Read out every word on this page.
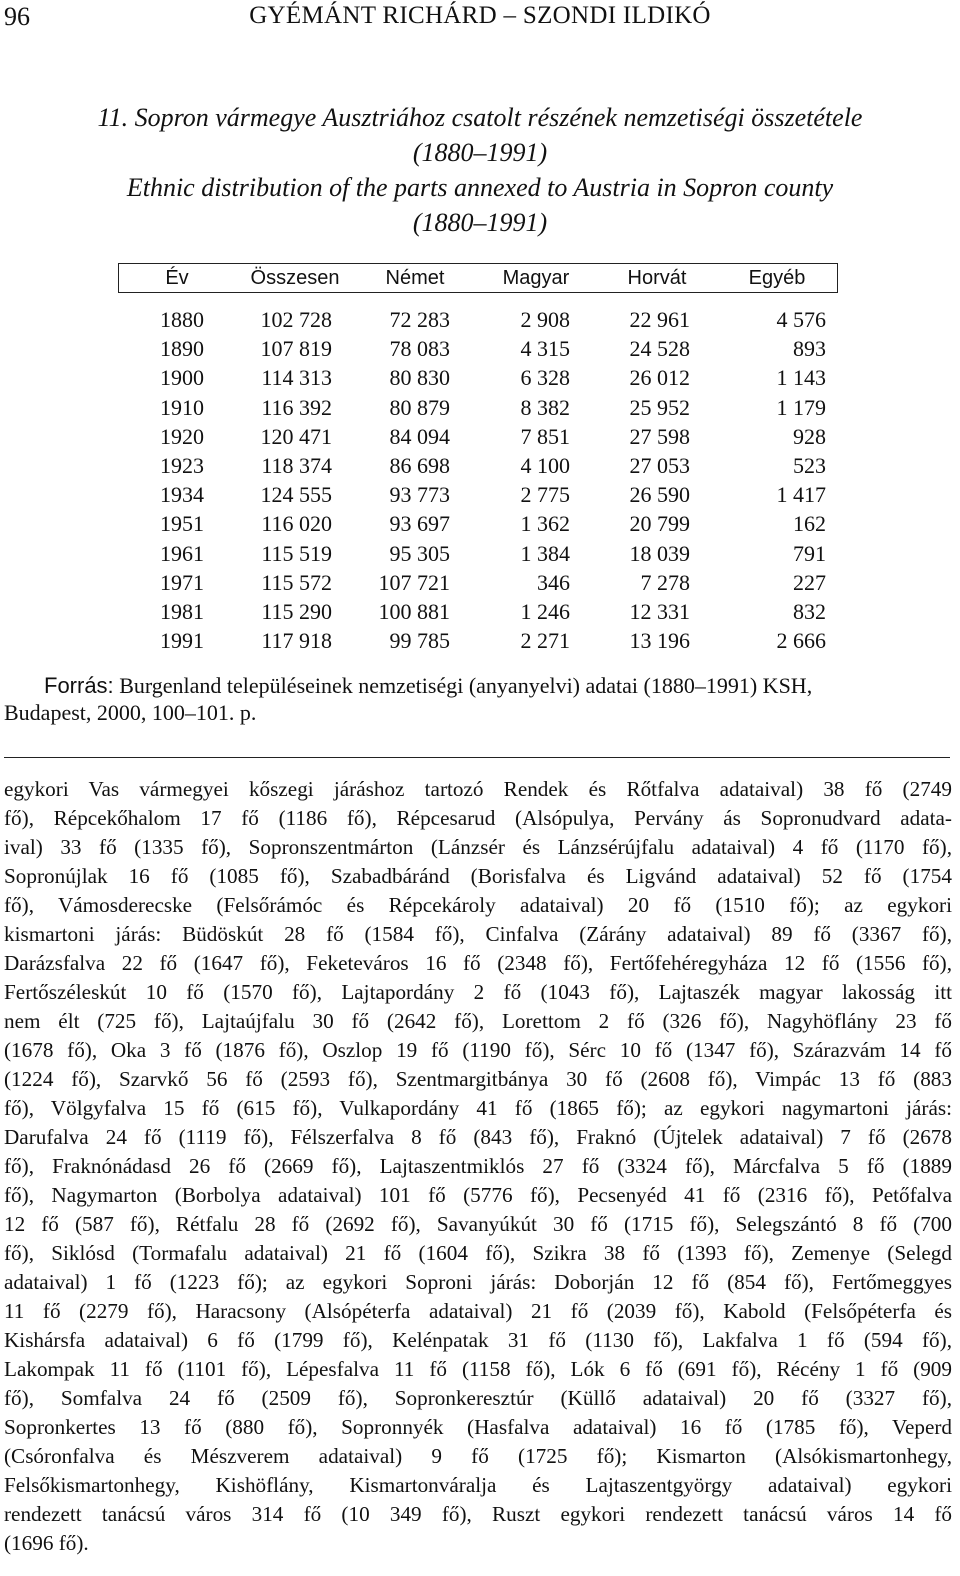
96	GYÉMÁNT RICHÁRD – SZONDI ILDIKÓ
11. Sopron vármegye Ausztriához csatolt részének nemzetiségi összetétele
(1880–1991)
Ethnic distribution of the parts annexed to Austria in Sopron county
(1880–1991)
Év	Összesen	Német	Magyar	Horvát	Egyéb
1880	102 728	72 283	2 908	22 961	4 576
1890	107 819	78 083	4 315	24 528	893
1900	114 313	80 830	6 328	26 012	1 143
1910	116 392	80 879	8 382	25 952	1 179
1920	120 471	84 094	7 851	27 598	928
1923	118 374	86 698	4 100	27 053	523
1934	124 555	93 773	2 775	26 590	1 417
1951	116 020	93 697	1 362	20 799	162
1961	115 519	95 305	1 384	18 039	791
1971	115 572	107 721	346	7 278	227
1981	115 290	100 881	1 246	12 331	832
1991	117 918	99 785	2 271	13 196	2 666
Forrás: Burgenland településeinek nemzetiségi (anyanyelvi) adatai (1880–1991) KSH,
Budapest, 2000, 100–101. p.
egykori Vas vármegyei kőszegi járáshoz tartozó Rendek és Rőtfalva adataival) 38 fő (2749
fő), Répcekőhalom 17 fő (1186 fő), Répcesarud (Alsópulya, Pervány ás Sopronudvard adata-
ival) 33 fő (1335 fő), Sopronszentmárton (Lánzsér és Lánzsérújfalu adataival) 4 fő (1170 fő),
Sopronújlak 16 fő (1085 fő), Szabadbáránd (Borisfalva és Ligvánd adataival) 52 fő (1754
fő), Vámosderecske (Felsőrámóc és Répcekároly adataival) 20 fő (1510 fő); az egykori
kismartoni járás: Büdöskút 28 fő (1584 fő), Cinfalva (Zárány adataival) 89 fő (3367 fő),
Darázsfalva 22 fő (1647 fő), Feketeváros 16 fő (2348 fő), Fertőfehéregyháza 12 fő (1556 fő),
Fertőszéleskút 10 fő (1570 fő), Lajtapordány 2 fő (1043 fő), Lajtaszék magyar lakosság itt
nem élt (725 fő), Lajtaújfalu 30 fő (2642 fő), Lorettom 2 fő (326 fő), Nagyhöflány 23 fő
(1678 fő), Oka 3 fő (1876 fő), Oszlop 19 fő (1190 fő), Sérc 10 fő (1347 fő), Szárazvám 14 fő
(1224 fő), Szarvkő 56 fő (2593 fő), Szentmargitbánya 30 fő (2608 fő), Vimpác 13 fő (883
fő), Völgyfalva 15 fő (615 fő), Vulkapordány 41 fő (1865 fő); az egykori nagymartoni járás:
Darufalva 24 fő (1119 fő), Félszerfalva 8 fő (843 fő), Fraknó (Újtelek adataival) 7 fő (2678
fő), Fraknónádasd 26 fő (2669 fő), Lajtaszentmiklós 27 fő (3324 fő), Márcfalva 5 fő (1889
fő), Nagymarton (Borbolya adataival) 101 fő (5776 fő), Pecsenyéd 41 fő (2316 fő), Petőfalva
12 fő (587 fő), Rétfalu 28 fő (2692 fő), Savanyúkút 30 fő (1715 fő), Selegszántó 8 fő (700
fő), Siklósd (Tormafalu adataival) 21 fő (1604 fő), Szikra 38 fő (1393 fő), Zemenye (Selegd
adataival) 1 fő (1223 fő); az egykori Soproni járás: Doborján 12 fő (854 fő), Fertőmeggyes
11 fő (2279 fő), Haracsony (Alsópéterfa adataival) 21 fő (2039 fő), Kabold (Felsőpéterfa és
Kishársfa adataival) 6 fő (1799 fő), Kelénpatak 31 fő (1130 fő), Lakfalva 1 fő (594 fő),
Lakompak 11 fő (1101 fő), Lépesfalva 11 fő (1158 fő), Lók 6 fő (691 fő), Récény 1 fő (909
fő), Somfalva 24 fő (2509 fő), Sopronkeresztúr (Küllő adataival) 20 fő (3327 fő),
Sopronkertes 13 fő (880 fő), Sopronnyék (Hasfalva adataival) 16 fő (1785 fő), Veperd
(Csóronfalva és Mészverem adataival) 9 fő (1725 fő); Kismarton (Alsókismartonhegy,
Felsőkismartonhegy, Kishöflány, Kismartonváralja és Lajtaszentgyörgy adataival) egykori
rendezett tanácsú város 314 fő (10 349 fő), Ruszt egykori rendezett tanácsú város 14 fő
(1696 fő).
